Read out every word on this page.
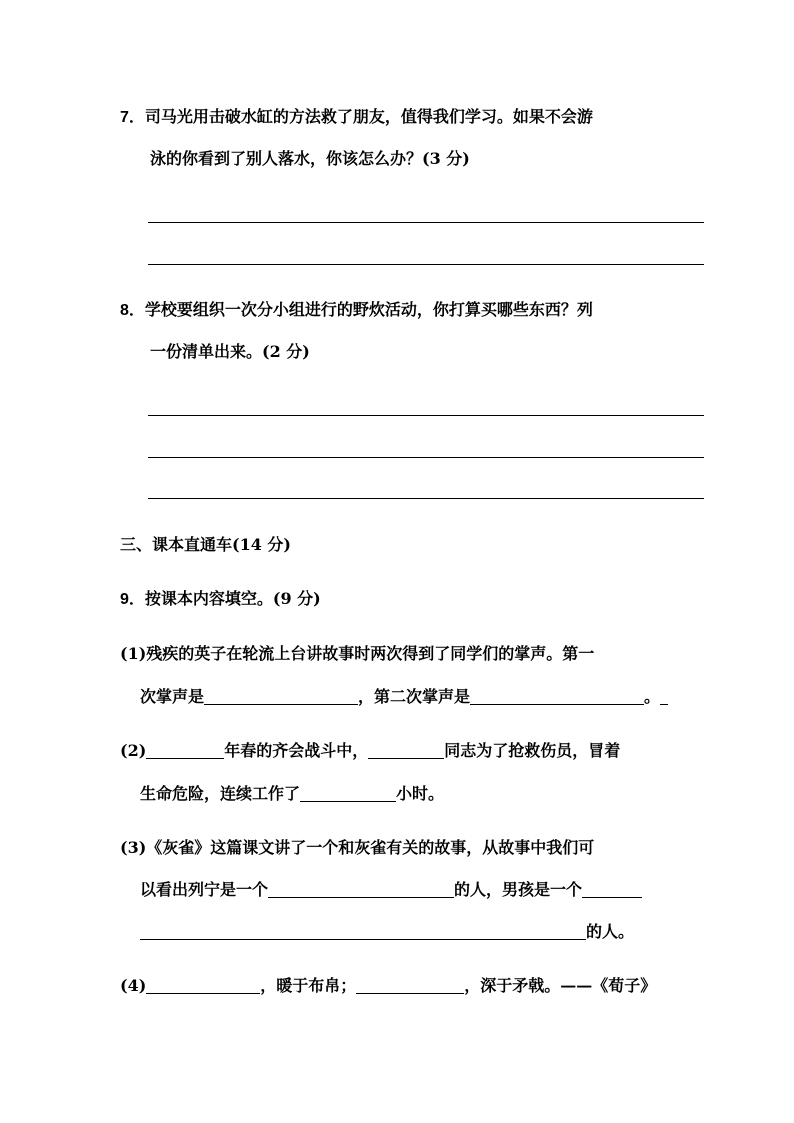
7．司马光用击破水缸的方法救了朋友，值得我们学习。如果不会游
泳的你看到了别人落水，你该怎么办？(3 分)
8．学校要组织一次分小组进行的野炊活动，你打算买哪些东西？列
一份清单出来。(2 分)
三、课本直通车(14 分)
9．按课本内容填空。(9 分)
(1)残疾的英子在轮流上台讲故事时两次得到了同学们的掌声。第一
次掌声是	，第二次掌声是	。
(2)	年春的齐会战斗中，	同志为了抢救伤员，冒着
生命危险，连续工作了	小时。
(3)《灰雀》这篇课文讲了一个和灰雀有关的故事，从故事中我们可
以看出列宁是一个	的人，男孩是一个
的人。
(4)	，暖于布帛；	，深于矛戟。——《荀子》
